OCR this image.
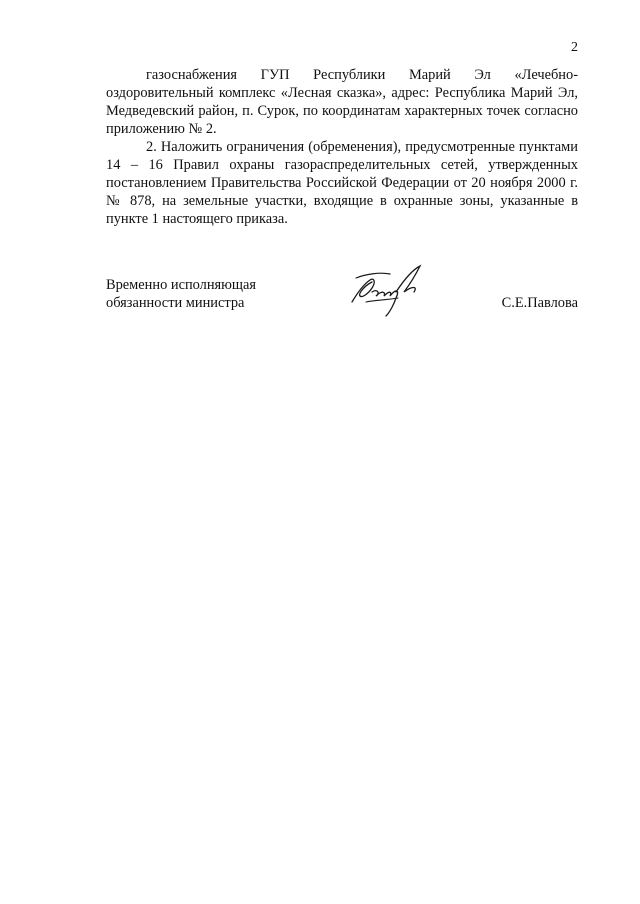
2

газоснабжения ГУП Республики Марий Эл «Лечебно-оздоровительный комплекс «Лесная сказка», адрес: Республика Марий Эл, Медведевский район, п. Сурок, по координатам характерных точек согласно приложению № 2.

2. Наложить ограничения (обременения), предусмотренные пунктами 14 – 16 Правил охраны газораспределительных сетей, утвержденных постановлением Правительства Российской Федерации от 20 ноября 2000 г. № 878, на земельные участки, входящие в охранные зоны, указанные в пункте 1 настоящего приказа.

Временно исполняющая
обязанности министра	С.Е.Павлова
